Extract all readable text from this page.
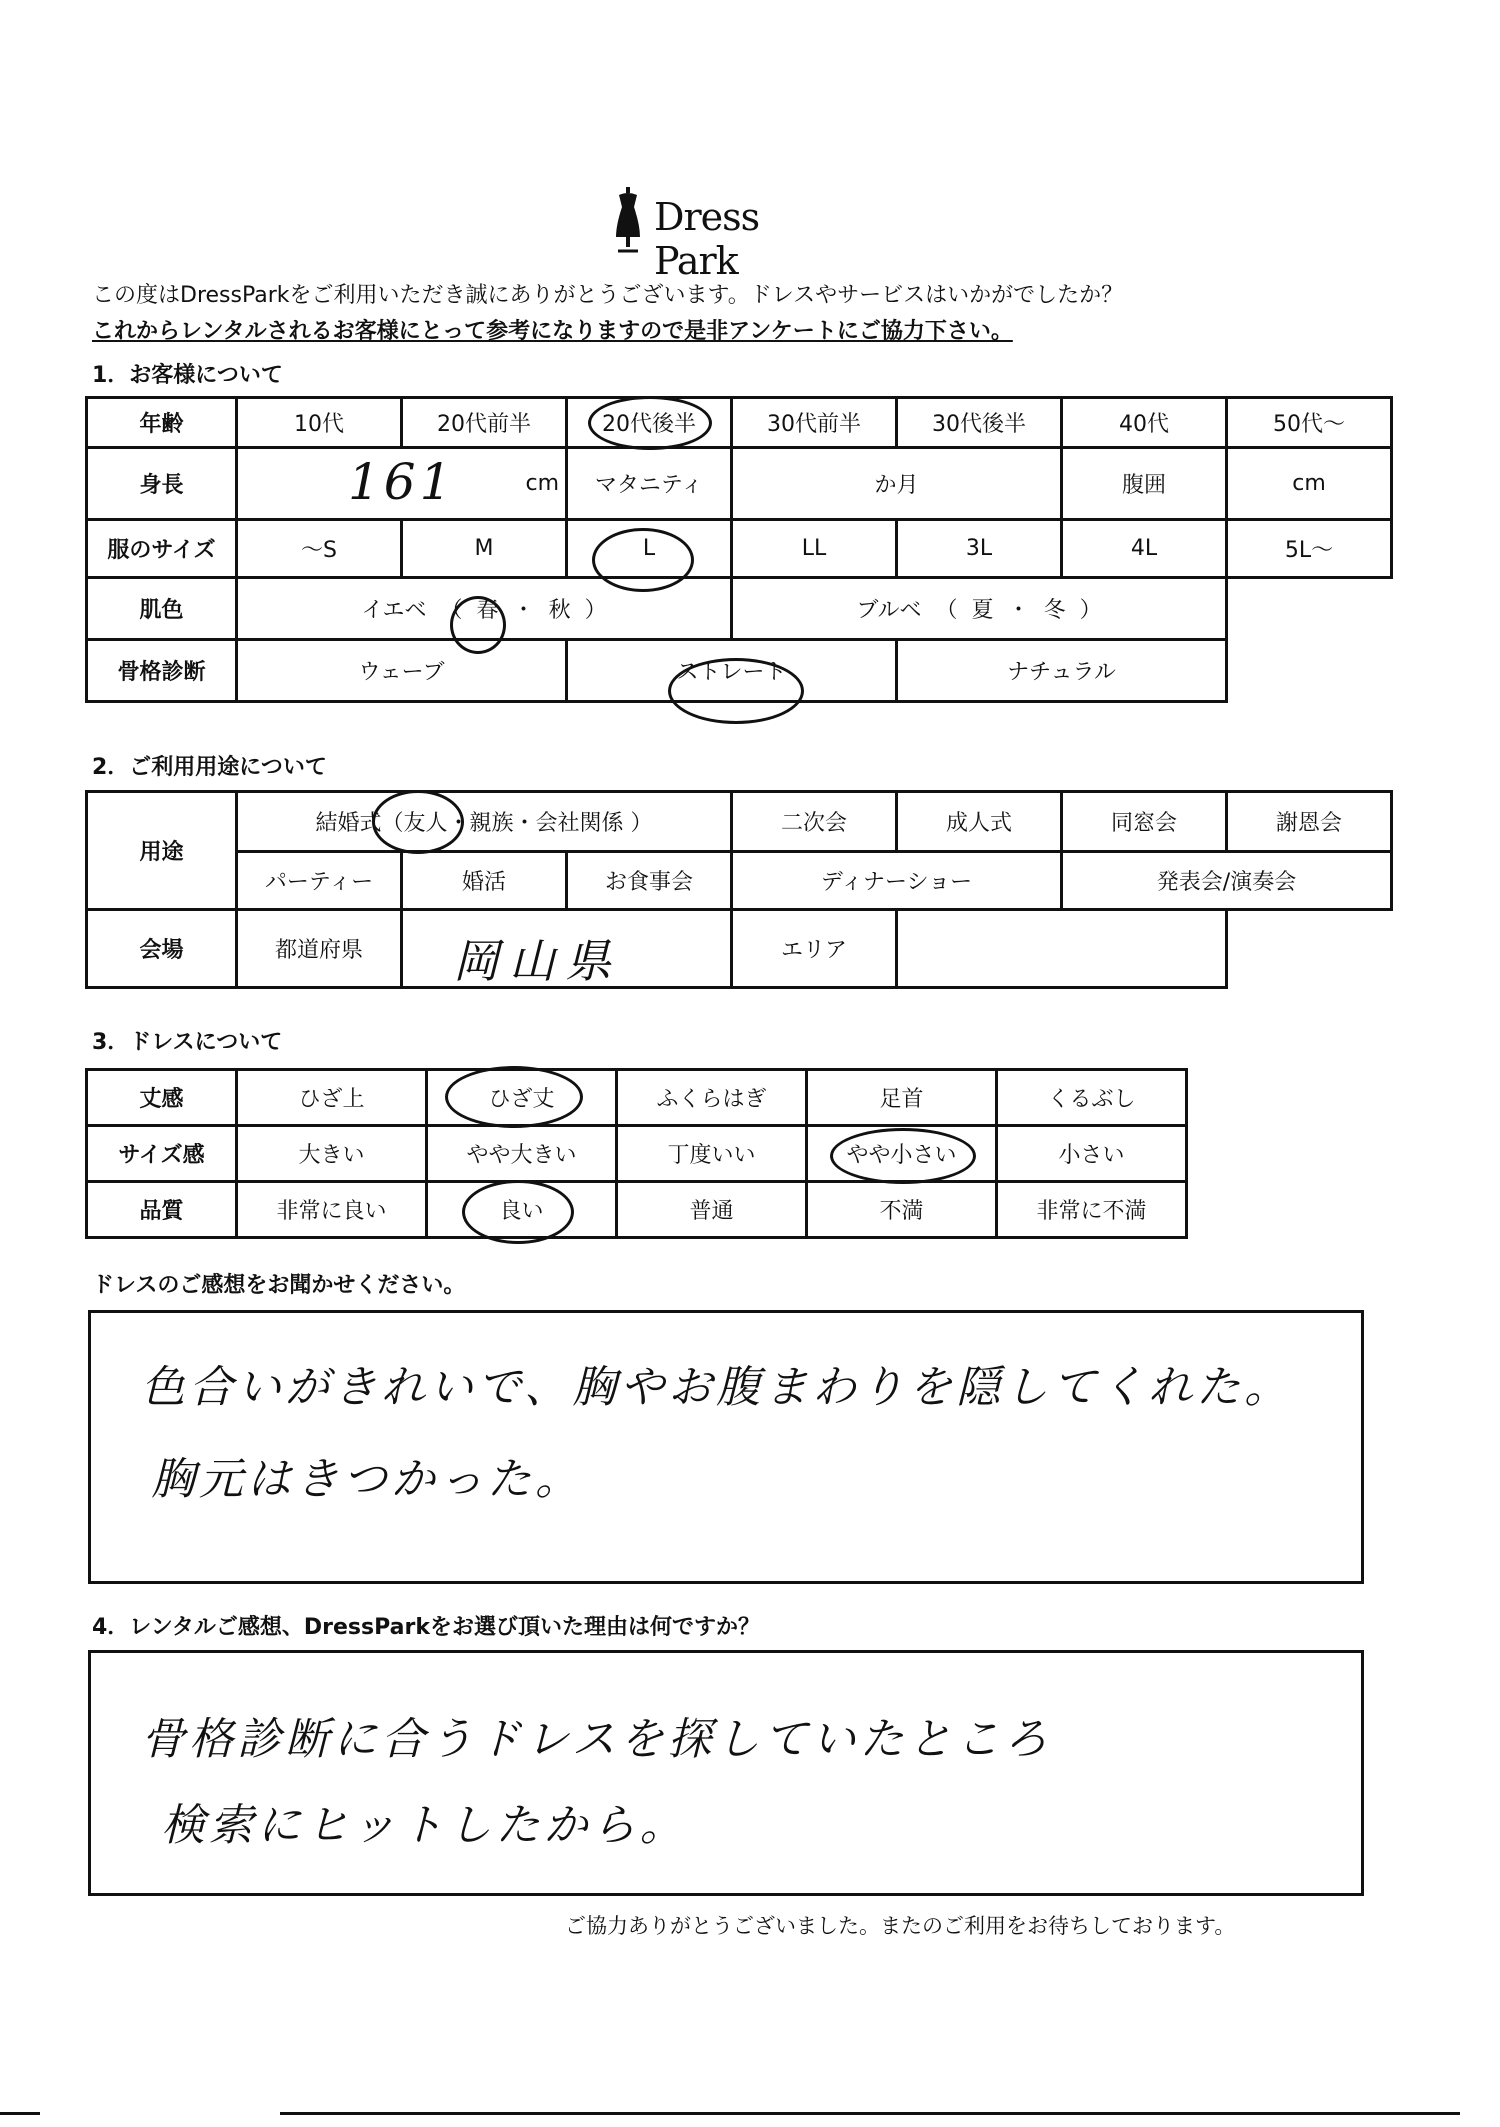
Dress Park
この度はDressParkをご利用いただき誠にありがとうございます。ドレスやサービスはいかがでしたか？
これからレンタルされるお客様にとって参考になりますので是非アンケートにご協力下さい。
1．お客様について
年齢	10代	20代前半	20代後半	30代前半	30代後半	40代	50代～
身長	161 cm		マタニティ	か月		腹囲	cm
服のサイズ	～S	M	L	LL	3L	4L	5L～
肌色	イエベ （ 春 ・ 秋 ）			ブルベ （ 夏 ・ 冬 ）			
骨格診断	ウェーブ		ストレート		ナチュラル		
2．ご利用用途について
用途	結婚式（友人・親族・会社関係 ）			二次会	成人式	同窓会	謝恩会
	パーティー	婚活	お食事会	ディナーショー		発表会/演奏会	
会場	都道府県	岡山県		エリア			
3．ドレスについて
丈感	ひざ上	ひざ丈	ふくらはぎ	足首	くるぶし
サイズ感	大きい	やや大きい	丁度いい	やや小さい	小さい
品質	非常に良い	良い	普通	不満	非常に不満
ドレスのご感想をお聞かせください。
色合いがきれいで、胸やお腹まわりを隠してくれた。
胸元はきつかった。
4．レンタルご感想、DressParkをお選び頂いた理由は何ですか？
骨格診断に合うドレスを探していたところ
検索にヒットしたから。
ご協力ありがとうございました。またのご利用をお待ちしております。
